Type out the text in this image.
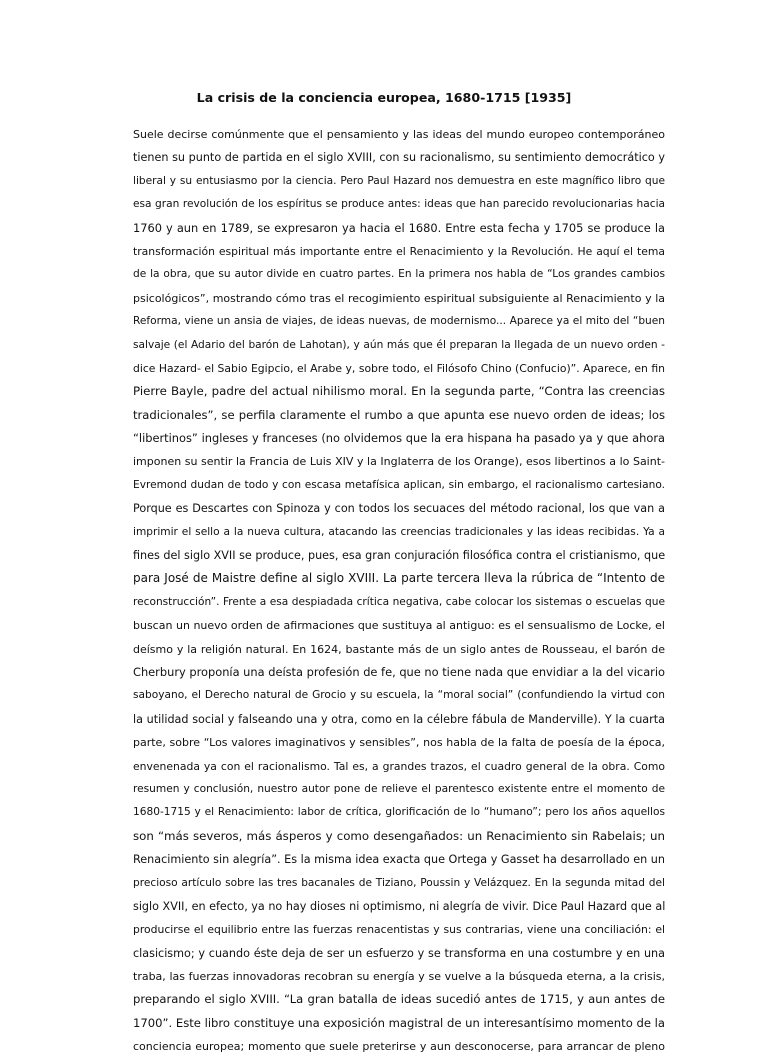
La crisis de la conciencia europea, 1680-1715 [1935]
Suele decirse comúnmente que el pensamiento y las ideas del mundo europeo contemporáneo
tienen su punto de partida en el siglo XVIII, con su racionalismo, su sentimiento democrático y
liberal y su entusiasmo por la ciencia. Pero Paul Hazard nos demuestra en este magnífico libro que
esa gran revolución de los espíritus se produce antes: ideas que han parecido revolucionarias hacia
1760 y aun en 1789, se expresaron ya hacia el 1680. Entre esta fecha y 1705 se produce la
transformación espiritual más importante entre el Renacimiento y la Revolución. He aquí el tema
de la obra, que su autor divide en cuatro partes. En la primera nos habla de “Los grandes cambios
psicológicos”, mostrando cómo tras el recogimiento espiritual subsiguiente al Renacimiento y la
Reforma, viene un ansia de viajes, de ideas nuevas, de modernismo... Aparece ya el mito del “buen
salvaje (el Adario del barón de Lahotan), y aún más que él preparan la llegada de un nuevo orden -
dice Hazard- el Sabio Egipcio, el Arabe y, sobre todo, el Filósofo Chino (Confucio)”. Aparece, en fin
Pierre Bayle, padre del actual nihilismo moral. En la segunda parte, “Contra las creencias
tradicionales”, se perfila claramente el rumbo a que apunta ese nuevo orden de ideas; los
“libertinos” ingleses y franceses (no olvidemos que la era hispana ha pasado ya y que ahora
imponen su sentir la Francia de Luis XIV y la Inglaterra de los Orange), esos libertinos a lo Saint-
Evremond dudan de todo y con escasa metafísica aplican, sin embargo, el racionalismo cartesiano.
Porque es Descartes con Spinoza y con todos los secuaces del método racional, los que van a
imprimir el sello a la nueva cultura, atacando las creencias tradicionales y las ideas recibidas. Ya a
fines del siglo XVII se produce, pues, esa gran conjuración filosófica contra el cristianismo, que
para José de Maistre define al siglo XVIII. La parte tercera lleva la rúbrica de “Intento de
reconstrucción”. Frente a esa despiadada crítica negativa, cabe colocar los sistemas o escuelas que
buscan un nuevo orden de afirmaciones que sustituya al antiguo: es el sensualismo de Locke, el
deísmo y la religión natural. En 1624, bastante más de un siglo antes de Rousseau, el barón de
Cherbury proponía una deísta profesión de fe, que no tiene nada que envidiar a la del vicario
saboyano, el Derecho natural de Grocio y su escuela, la “moral social” (confundiendo la virtud con
la utilidad social y falseando una y otra, como en la célebre fábula de Manderville). Y la cuarta
parte, sobre “Los valores imaginativos y sensibles”, nos habla de la falta de poesía de la época,
envenenada ya con el racionalismo. Tal es, a grandes trazos, el cuadro general de la obra. Como
resumen y conclusión, nuestro autor pone de relieve el parentesco existente entre el momento de
1680-1715 y el Renacimiento: labor de crítica, glorificación de lo “humano”; pero los años aquellos
son “más severos, más ásperos y como desengañados: un Renacimiento sin Rabelais; un
Renacimiento sin alegría”. Es la misma idea exacta que Ortega y Gasset ha desarrollado en un
precioso artículo sobre las tres bacanales de Tiziano, Poussin y Velázquez. En la segunda mitad del
siglo XVII, en efecto, ya no hay dioses ni optimismo, ni alegría de vivir. Dice Paul Hazard que al
producirse el equilibrio entre las fuerzas renacentistas y sus contrarias, viene una conciliación: el
clasicismo; y cuando éste deja de ser un esfuerzo y se transforma en una costumbre y en una
traba, las fuerzas innovadoras recobran su energía y se vuelve a la búsqueda eterna, a la crisis,
preparando el siglo XVIII. “La gran batalla de ideas sucedió antes de 1715, y aun antes de
1700”. Este libro constituye una exposición magistral de un interesantísimo momento de la
conciencia europea; momento que suele preterirse y aun desconocerse, para arrancar de pleno
